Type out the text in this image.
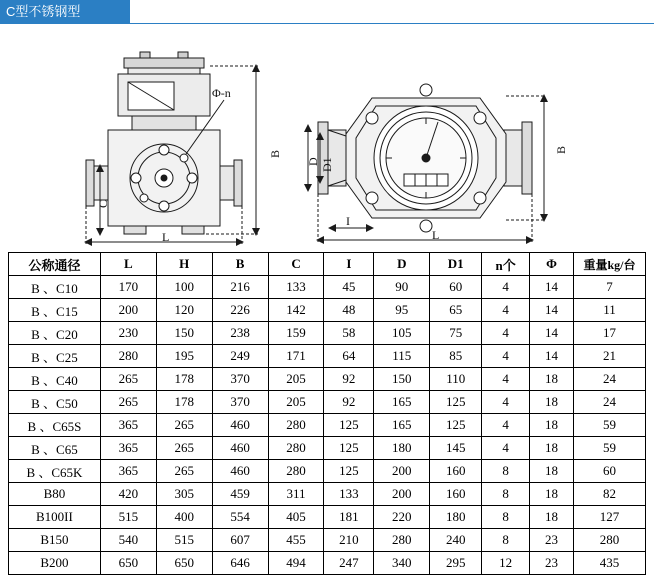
C型不锈钢型
Φ-n
B
C
L
D D1
B
I
L
公称通径	L	H	B	C	I	D	D1	n个	Φ	重量kg/台
B 、C10	170	100	216	133	45	90	60	4	14	7
B 、C15	200	120	226	142	48	95	65	4	14	11
B 、C20	230	150	238	159	58	105	75	4	14	17
B 、C25	280	195	249	171	64	115	85	4	14	21
B 、C40	265	178	370	205	92	150	110	4	18	24
B 、C50	265	178	370	205	92	165	125	4	18	24
B 、C65S	365	265	460	280	125	165	125	4	18	59
B 、C65	365	265	460	280	125	180	145	4	18	59
B 、C65K	365	265	460	280	125	200	160	8	18	60
B80	420	305	459	311	133	200	160	8	18	82
B100II	515	400	554	405	181	220	180	8	18	127
B150	540	515	607	455	210	280	240	8	23	280
B200	650	650	646	494	247	340	295	12	23	435
